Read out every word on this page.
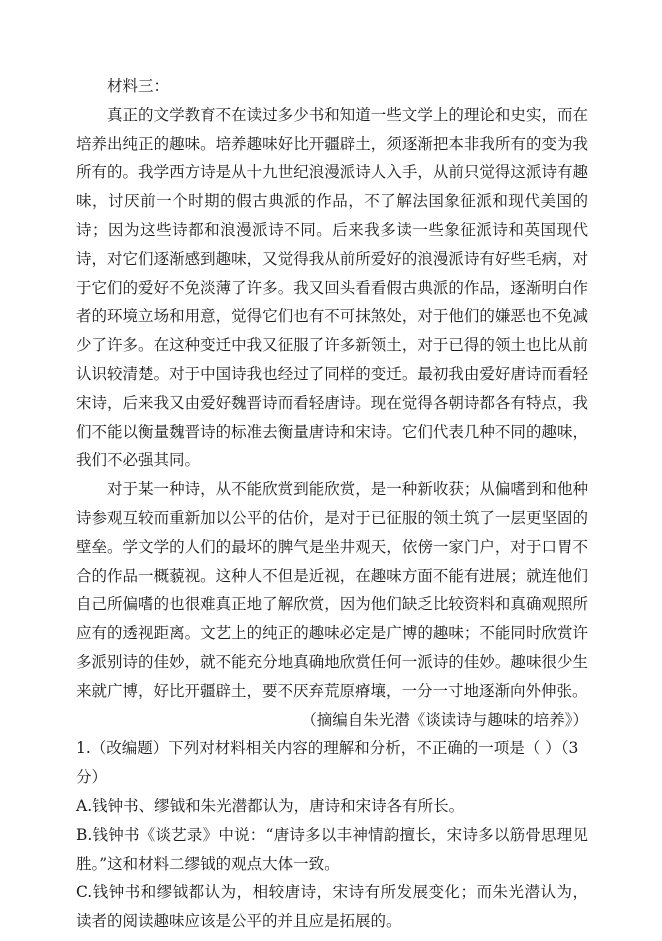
材料三：

真正的文学教育不在读过多少书和知道一些文学上的理论和史实，而在培养出纯正的趣味。培养趣味好比开疆辟土，须逐渐把本非我所有的变为我所有的。我学西方诗是从十九世纪浪漫派诗人入手，从前只觉得这派诗有趣味，讨厌前一个时期的假古典派的作品，不了解法国象征派和现代美国的诗；因为这些诗都和浪漫派诗不同。后来我多读一些象征派诗和英国现代诗，对它们逐渐感到趣味，又觉得我从前所爱好的浪漫派诗有好些毛病，对于它们的爱好不免淡薄了许多。我又回头看看假古典派的作品，逐渐明白作者的环境立场和用意，觉得它们也有不可抹煞处，对于他们的嫌恶也不免减少了许多。在这种变迁中我又征服了许多新领土，对于已得的领土也比从前认识较清楚。对于中国诗我也经过了同样的变迁。最初我由爱好唐诗而看轻宋诗，后来我又由爱好魏晋诗而看轻唐诗。现在觉得各朝诗都各有特点，我们不能以衡量魏晋诗的标准去衡量唐诗和宋诗。它们代表几种不同的趣味，我们不必强其同。

对于某一种诗，从不能欣赏到能欣赏，是一种新收获；从偏嗜到和他种诗参观互较而重新加以公平的估价，是对于已征服的领土筑了一层更坚固的壁垒。学文学的人们的最坏的脾气是坐井观天，依傍一家门户，对于口胃不合的作品一概藐视。这种人不但是近视，在趣味方面不能有进展；就连他们自己所偏嗜的也很难真正地了解欣赏，因为他们缺乏比较资料和真确观照所应有的透视距离。文艺上的纯正的趣味必定是广博的趣味；不能同时欣赏许多派别诗的佳妙，就不能充分地真确地欣赏任何一派诗的佳妙。趣味很少生来就广博，好比开疆辟土，要不厌弃荒原瘠壤，一分一寸地逐渐向外伸张。

（摘编自朱光潜《谈读诗与趣味的培养》）

1.（改编题）下列对材料相关内容的理解和分析，不正确的一项是（ ）（3分）

A.钱钟书、缪钺和朱光潜都认为，唐诗和宋诗各有所长。

B.钱钟书《谈艺录》中说：“唐诗多以丰神情韵擅长，宋诗多以筋骨思理见胜。”这和材料二缪钺的观点大体一致。

C.钱钟书和缪钺都认为，相较唐诗，宋诗有所发展变化；而朱光潜认为，读者的阅读趣味应该是公平的并且应是拓展的。
